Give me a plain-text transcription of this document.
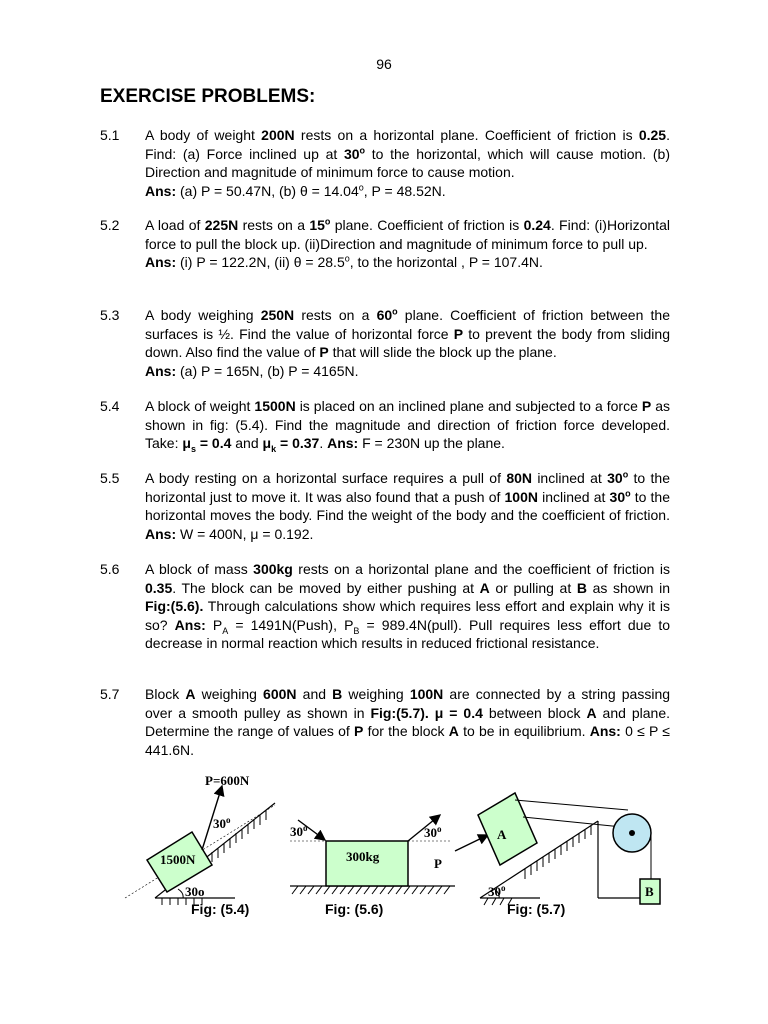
96
EXERCISE PROBLEMS:
5.1 A body of weight 200N rests on a horizontal plane. Coefficient of friction is 0.25. Find: (a) Force inclined up at 30$^o$ to the horizontal, which will cause motion. (b) Direction and magnitude of minimum force to cause motion.

Ans: (a) P = 50.47N, (b) $\theta = 14.04^o$, P = 48.52N.

5.2 A load of 225N rests on a 15$^o$ plane. Coefficient of friction is 0.24. Find: (i)Horizontal force to pull the block up. (ii)Direction and magnitude of minimum force to pull up.

Ans: (i) P = 122.2N, (ii) $\theta = 28.5^o$, to the horizontal , P = 107.4N.

5.3 A body weighing 250N rests on a 60$^o$ plane. Coefficient of friction between the surfaces is ½. Find the value of horizontal force P to prevent the body from sliding down. Also find the value of P that will slide the block up the plane.

Ans: (a) P = 165N, (b) P = 4165N.

5.4 A block of weight 1500N is placed on an inclined plane and subjected to a force P as shown in fig: (5.4). Find the magnitude and direction of friction force developed. Take: $\mu_s = 0.4$ and $\mu_k = 0.37$. Ans: F = 230N up the plane.

5.5 A body resting on a horizontal surface requires a pull of 80N inclined at 30$^o$ to the horizontal just to move it. It was also found that a push of 100N inclined at 30$^o$ to the horizontal moves the body. Find the weight of the body and the coefficient of friction. Ans: W = 400N, μ = 0.192.

5.6 A block of mass 300kg rests on a horizontal plane and the coefficient of friction is 0.35. The block can be moved by either pushing at A or pulling at B as shown in Fig:(5.6). Through calculations show which requires less effort and explain why it is so? Ans: $P_A$ = 1491N(Push), $P_B$ = 989.4N(pull). Pull requires less effort due to decrease in normal reaction which results in reduced frictional resistance.

5.7 Block A weighing 600N and B weighing 100N are connected by a string passing over a smooth pulley as shown in Fig:(5.7). μ = 0.4 between block A and plane. Determine the range of values of P for the block A to be in equilibrium. Ans: 0 ≤ P ≤ 441.6N.

1500N
P=600N
30$^o$
30o
300kg
30$^o$	30$^o$
P
A
B
30$^o$
Fig: (5.4)	Fig: (5.6)	Fig: (5.7)
